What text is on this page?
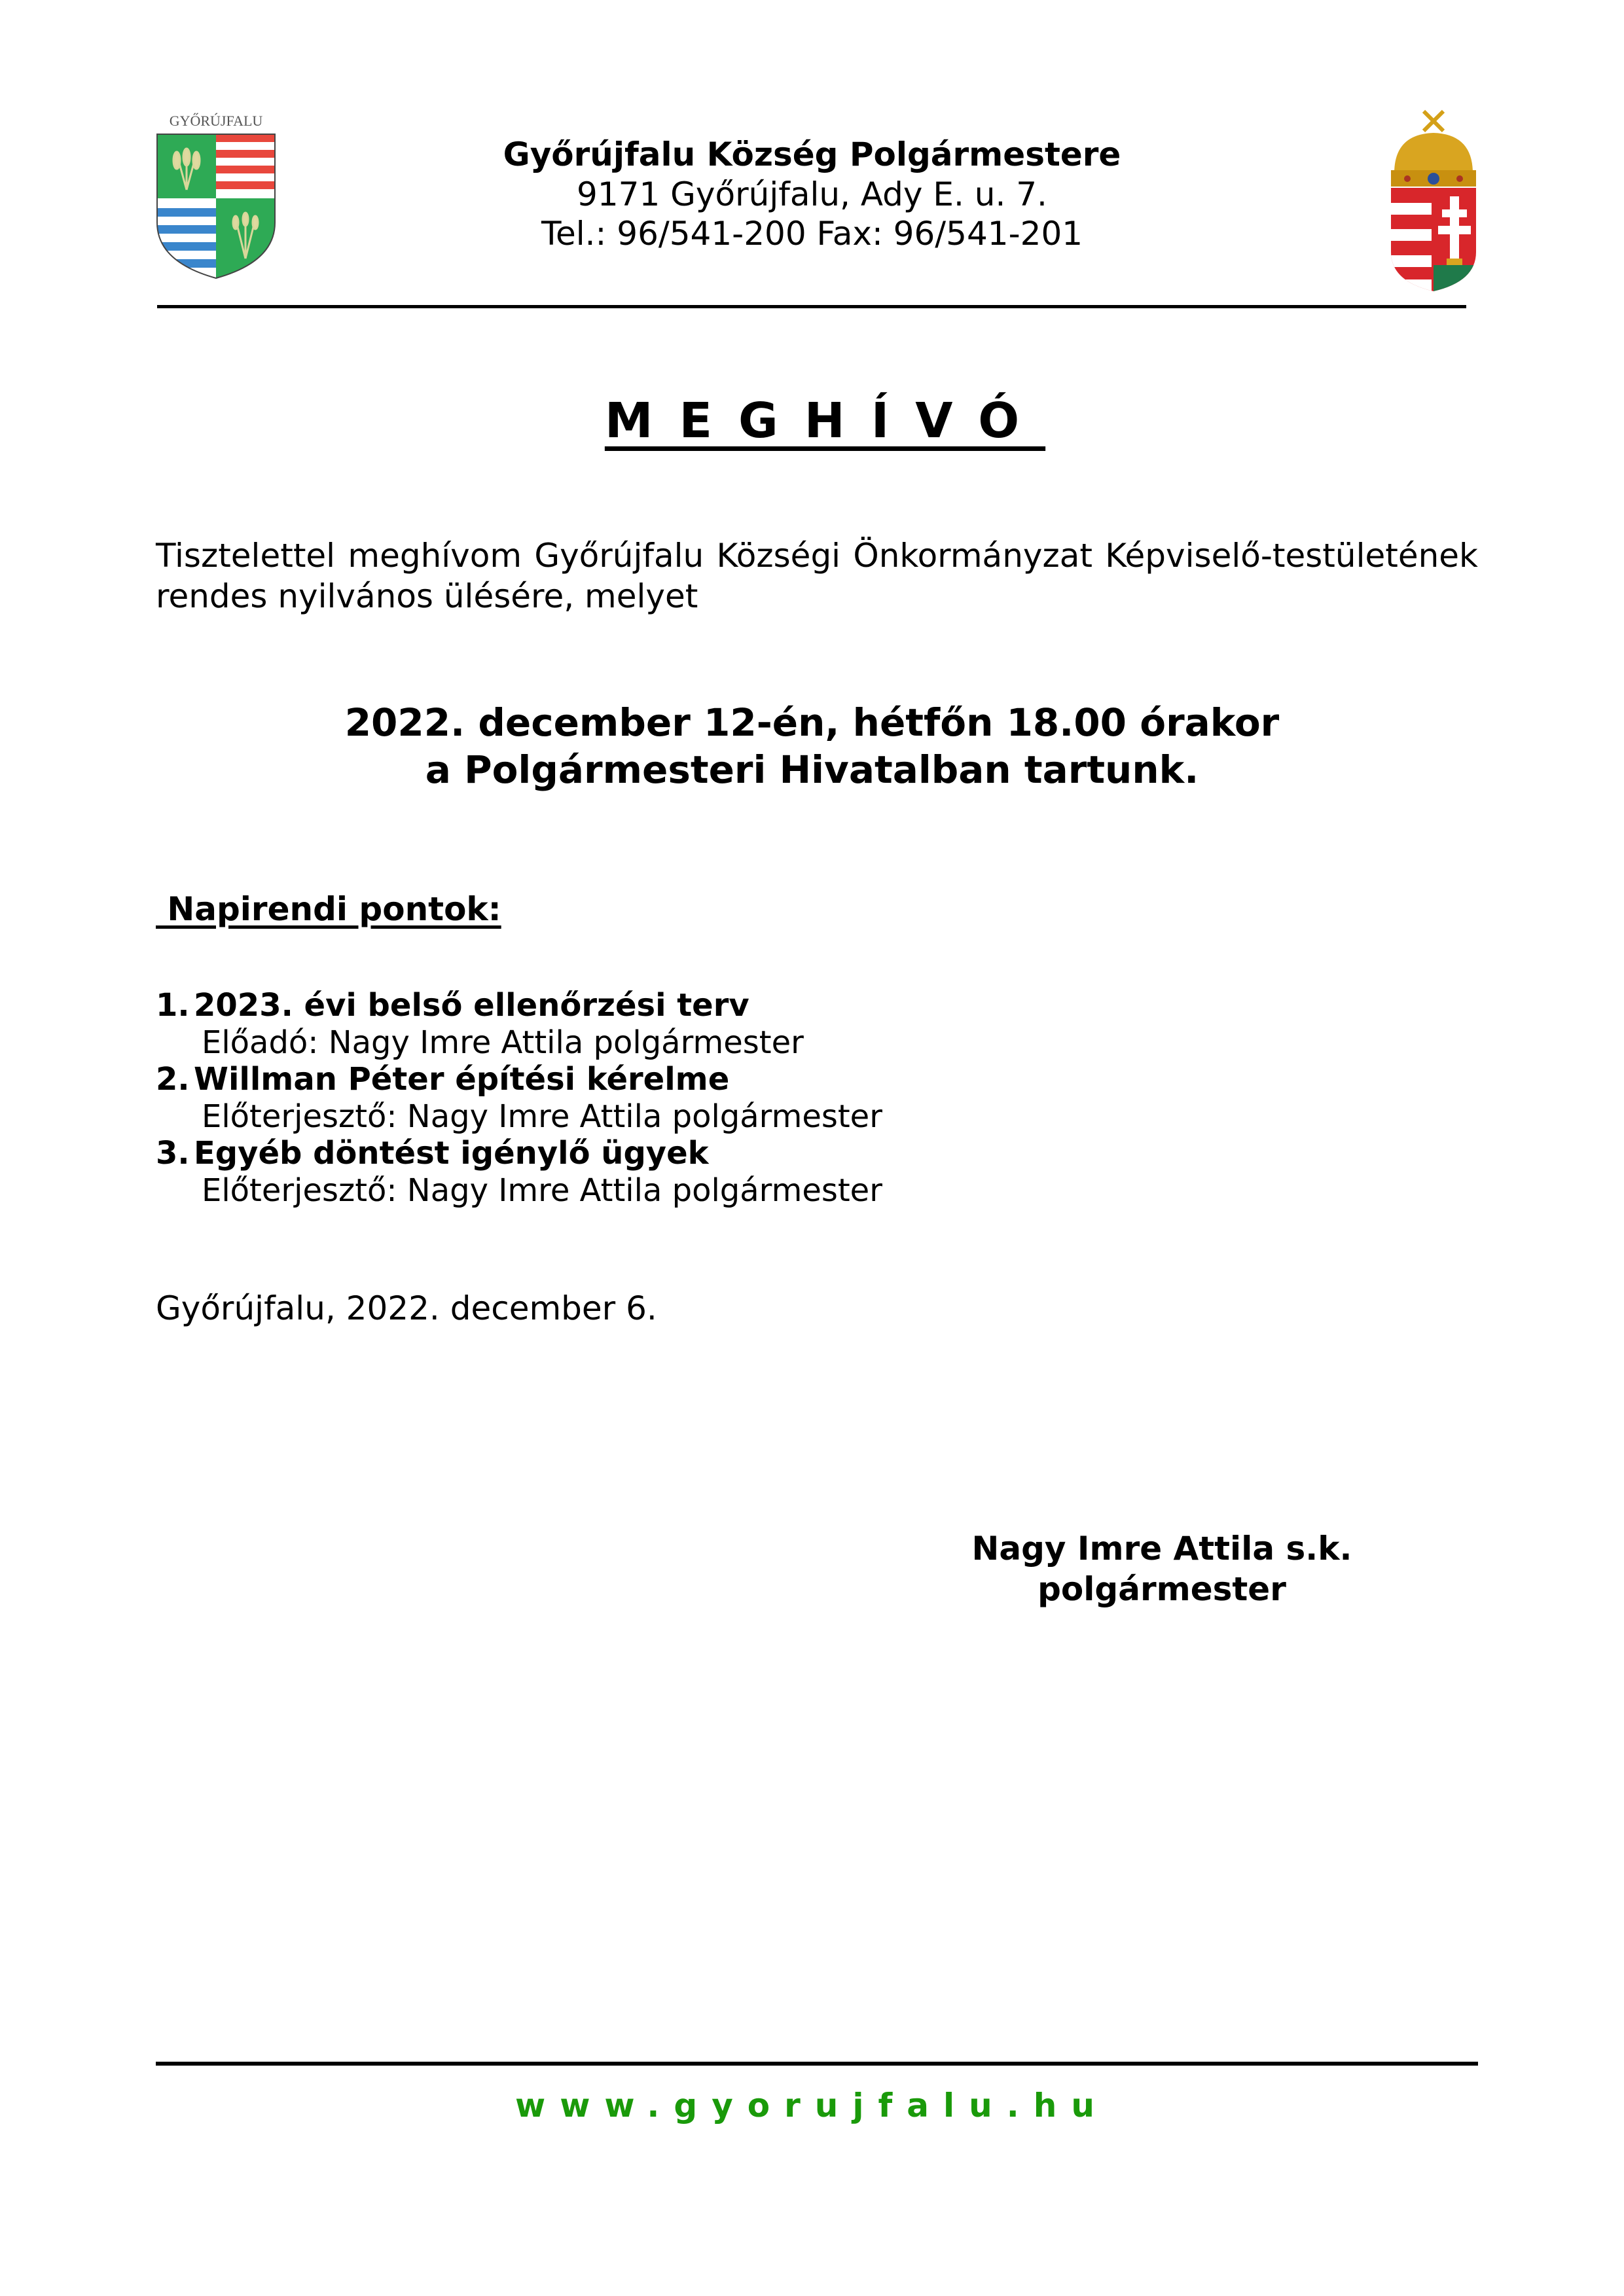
GYŐRÚJFALU
Győrújfalu Község Polgármestere
9171 Győrújfalu, Ady E. u. 7.
Tel.: 96/541-200 Fax: 96/541-201
MEGHÍVÓ
Tisztelettel meghívom Győrújfalu Községi Önkormányzat Képviselő-testületének rendes nyilvános ülésére, melyet
2022. december 12-én, hétfőn 18.00 órakor
a Polgármesteri Hivatalban tartunk.
Napirendi pontok:
1. 2023. évi belső ellenőrzési terv
Előadó: Nagy Imre Attila polgármester
2. Willman Péter építési kérelme
Előterjesztő: Nagy Imre Attila polgármester
3. Egyéb döntést igénylő ügyek
Előterjesztő: Nagy Imre Attila polgármester
Győrújfalu, 2022. december 6.
Nagy Imre Attila s.k.
polgármester
www.gyorujfalu.hu
